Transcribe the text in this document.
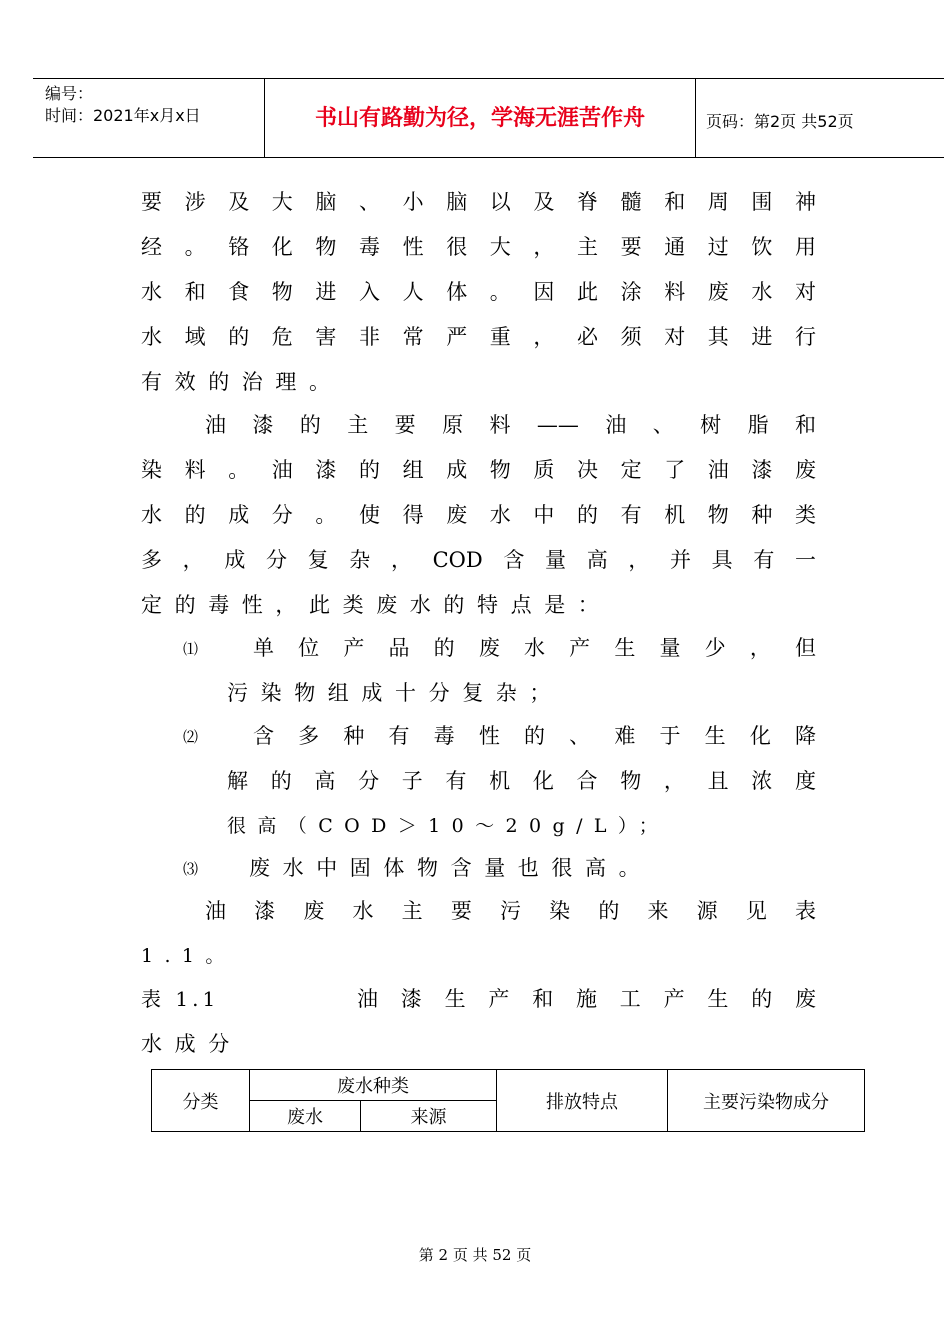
编号：
时间：2021年x月x日	书山有路勤为径，学海无涯苦作舟	页码：第2页 共52页
要涉及大脑、小脑以及脊髓和周围神
经。铬化物毒性很大，主要通过饮用
水和食物进入人体。因此涂料废水对
水域的危害非常严重，必须对其进行
有效的治理。
油漆的主要原料——油、树脂和
染料。油漆的组成物质决定了油漆废
水的成分。使得废水中的有机物种类
多，成分复杂，COD含量高，并具有一
定的毒性，此类废水的特点是：
⑴	单位产品的废水产生量少，但
污染物组成十分复杂；
⑵	含多种有毒性的、难于生化降
解的高分子有机化合物，且浓度
很高（COD＞10～20g/L）；
⑶ 废水中固体物含量也很高。
油漆废水主要污染的来源见表
1.1。
表 1.1	油漆生产和施工产生的废
水成分
分类	废水种类		排放特点	主要污染物成分
	废水	来源		
第 2 页 共 52 页
